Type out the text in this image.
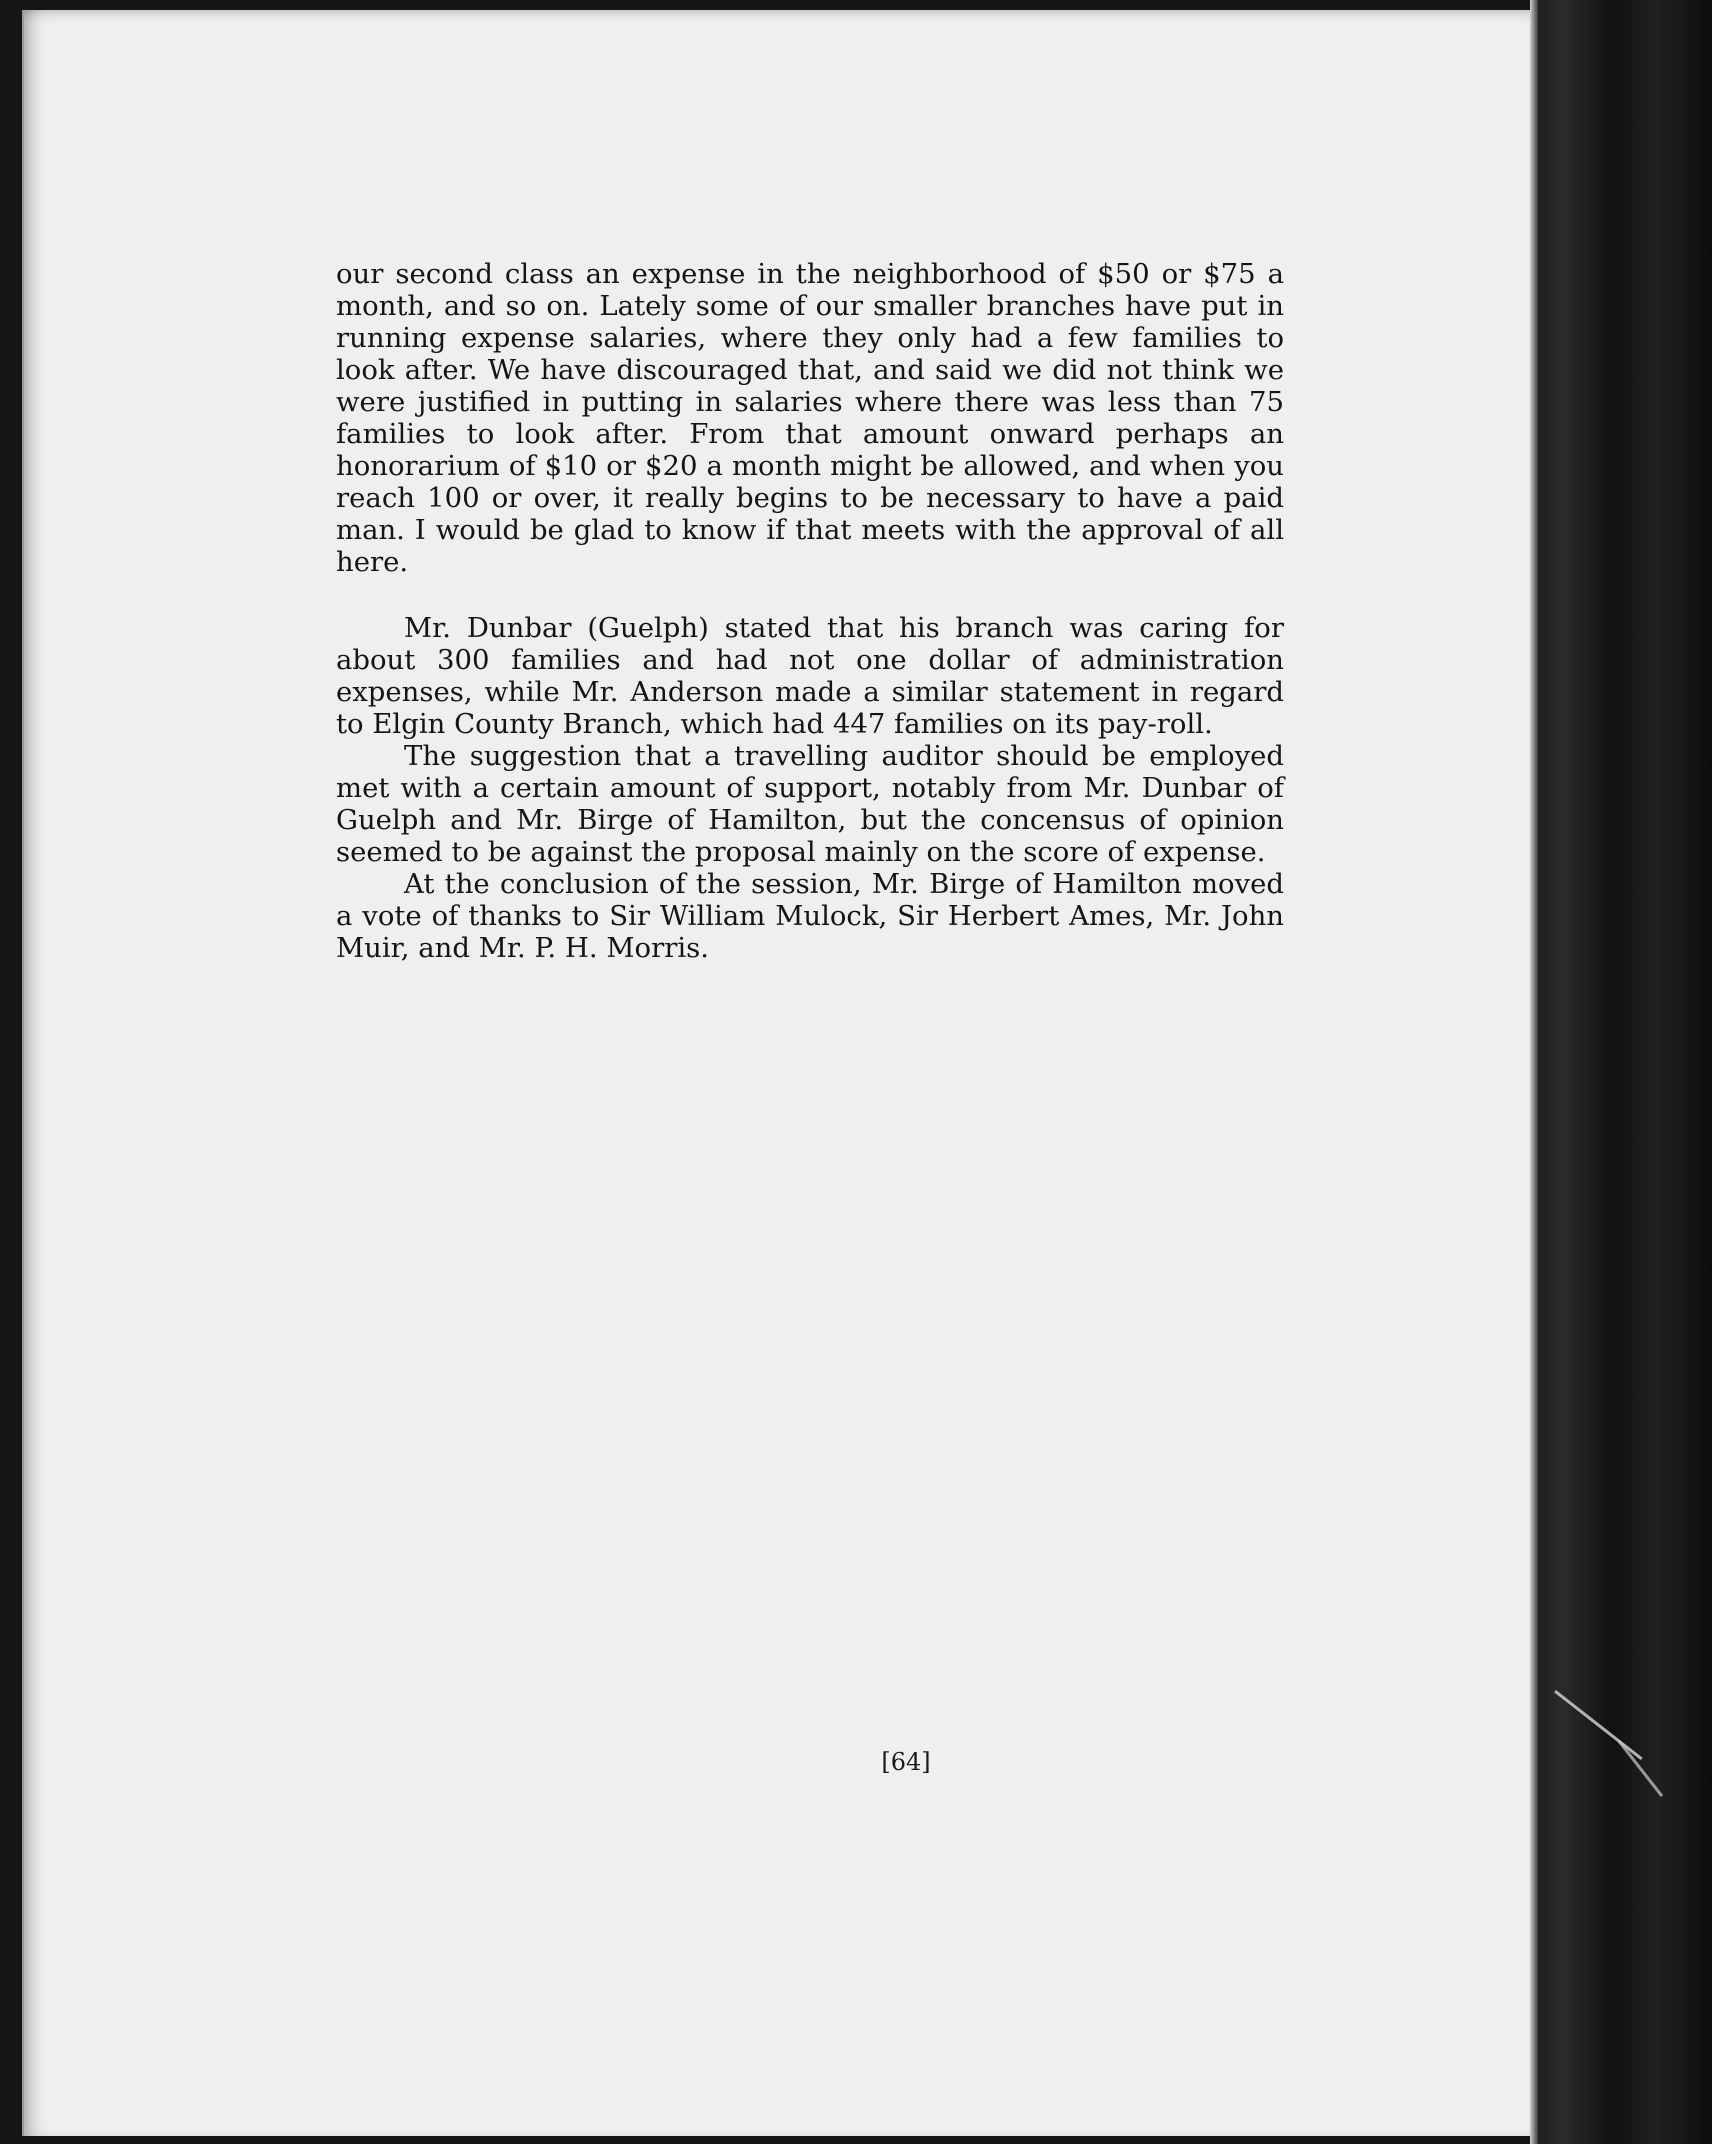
our second class an expense in the neighborhood of $50 or $75 a month, and so on. Lately some of our smaller branches have put in running expense salaries, where they only had a few families to look after. We have discouraged that, and said we did not think we were justified in putting in salaries where there was less than 75 families to look after. From that amount onward perhaps an honorarium of $10 or $20 a month might be allowed, and when you reach 100 or over, it really begins to be necessary to have a paid man. I would be glad to know if that meets with the approval of all here.

Mr. Dunbar (Guelph) stated that his branch was caring for about 300 families and had not one dollar of administration expenses, while Mr. Anderson made a similar statement in regard to Elgin County Branch, which had 447 families on its pay-roll.

The suggestion that a travelling auditor should be employed met with a certain amount of support, notably from Mr. Dunbar of Guelph and Mr. Birge of Hamilton, but the concensus of opinion seemed to be against the proposal mainly on the score of expense.

At the conclusion of the session, Mr. Birge of Hamilton moved a vote of thanks to Sir William Mulock, Sir Herbert Ames, Mr. John Muir, and Mr. P. H. Morris.

[64]
